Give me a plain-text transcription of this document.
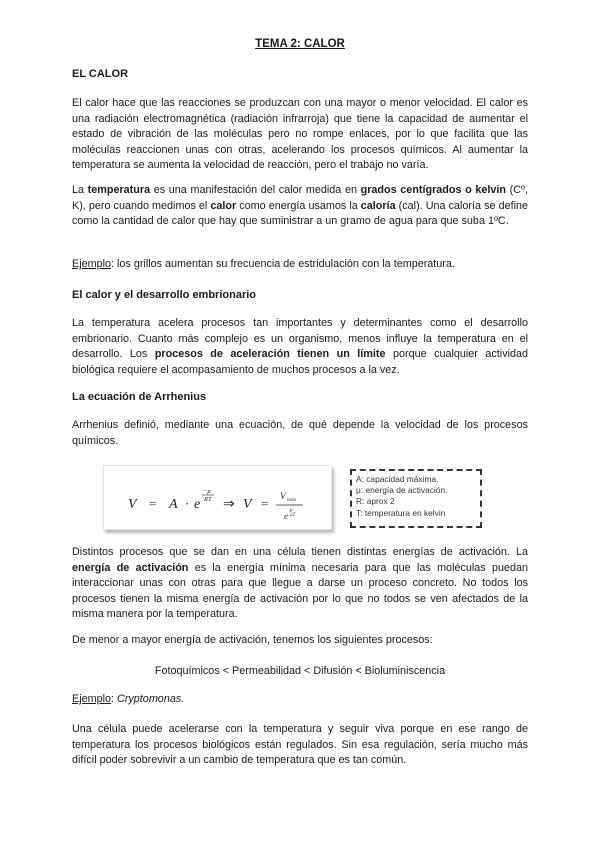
TEMA 2: CALOR
EL CALOR

El calor hace que las reacciones se produzcan con una mayor o menor velocidad. El calor es una radiación electromagnética (radiación infrarroja) que tiene la capacidad de aumentar el estado de vibración de las moléculas pero no rompe enlaces, por lo que facilita que las moléculas reaccionen unas con otras, acelerando los procesos químicos. Al aumentar la temperatura se aumenta la velocidad de reacción, pero el trabajo no varía.

La temperatura es una manifestación del calor medida en grados centígrados o kelvin (Cº, K), pero cuando medimos el calor como energía usamos la caloría (cal). Una caloría se define como la cantidad de calor que hay que suministrar a un gramo de agua para que suba 1ºC.

Ejemplo: los grillos aumentan su frecuencia de estridulación con la temperatura.

El calor y el desarrollo embrionario

La temperatura acelera procesos tan importantes y determinantes como el desarrollo embrionario. Cuanto más complejo es un organismo, menos influye la temperatura en el desarrollo. Los procesos de aceleración tienen un límite porque cualquier actividad biológica requiere el acompasamiento de muchos procesos a la vez.

La ecuación de Arrhenius

Arrhenius definió, mediante una ecuación, de qué depende la velocidad de los procesos químicos.

V = A · e
−μ
RT ⇒ V = V máx
e
μ
2T
A: capacidad máxima.
μ: energía de activación.
R: aprox 2
T: temperatura en kelvin

Distintos procesos que se dan en una célula tienen distintas energías de activación. La energía de activación es la energía mínima necesaria para que las moléculas puedan interaccionar unas con otras para que llegue a darse un proceso concreto. No todos los procesos tienen la misma energía de activación por lo que no todos se ven afectados de la misma manera por la temperatura.

De menor a mayor energía de activación, tenemos los siguientes procesos:

Fotoquímicos < Permeabilidad < Difusión < Bioluminiscencia

Ejemplo: Cryptomonas.

Una célula puede acelerarse con la temperatura y seguir viva porque en ese rango de temperatura los procesos biológicos están regulados. Sin esa regulación, sería mucho más difícil poder sobrevivir a un cambio de temperatura que es tan común.
